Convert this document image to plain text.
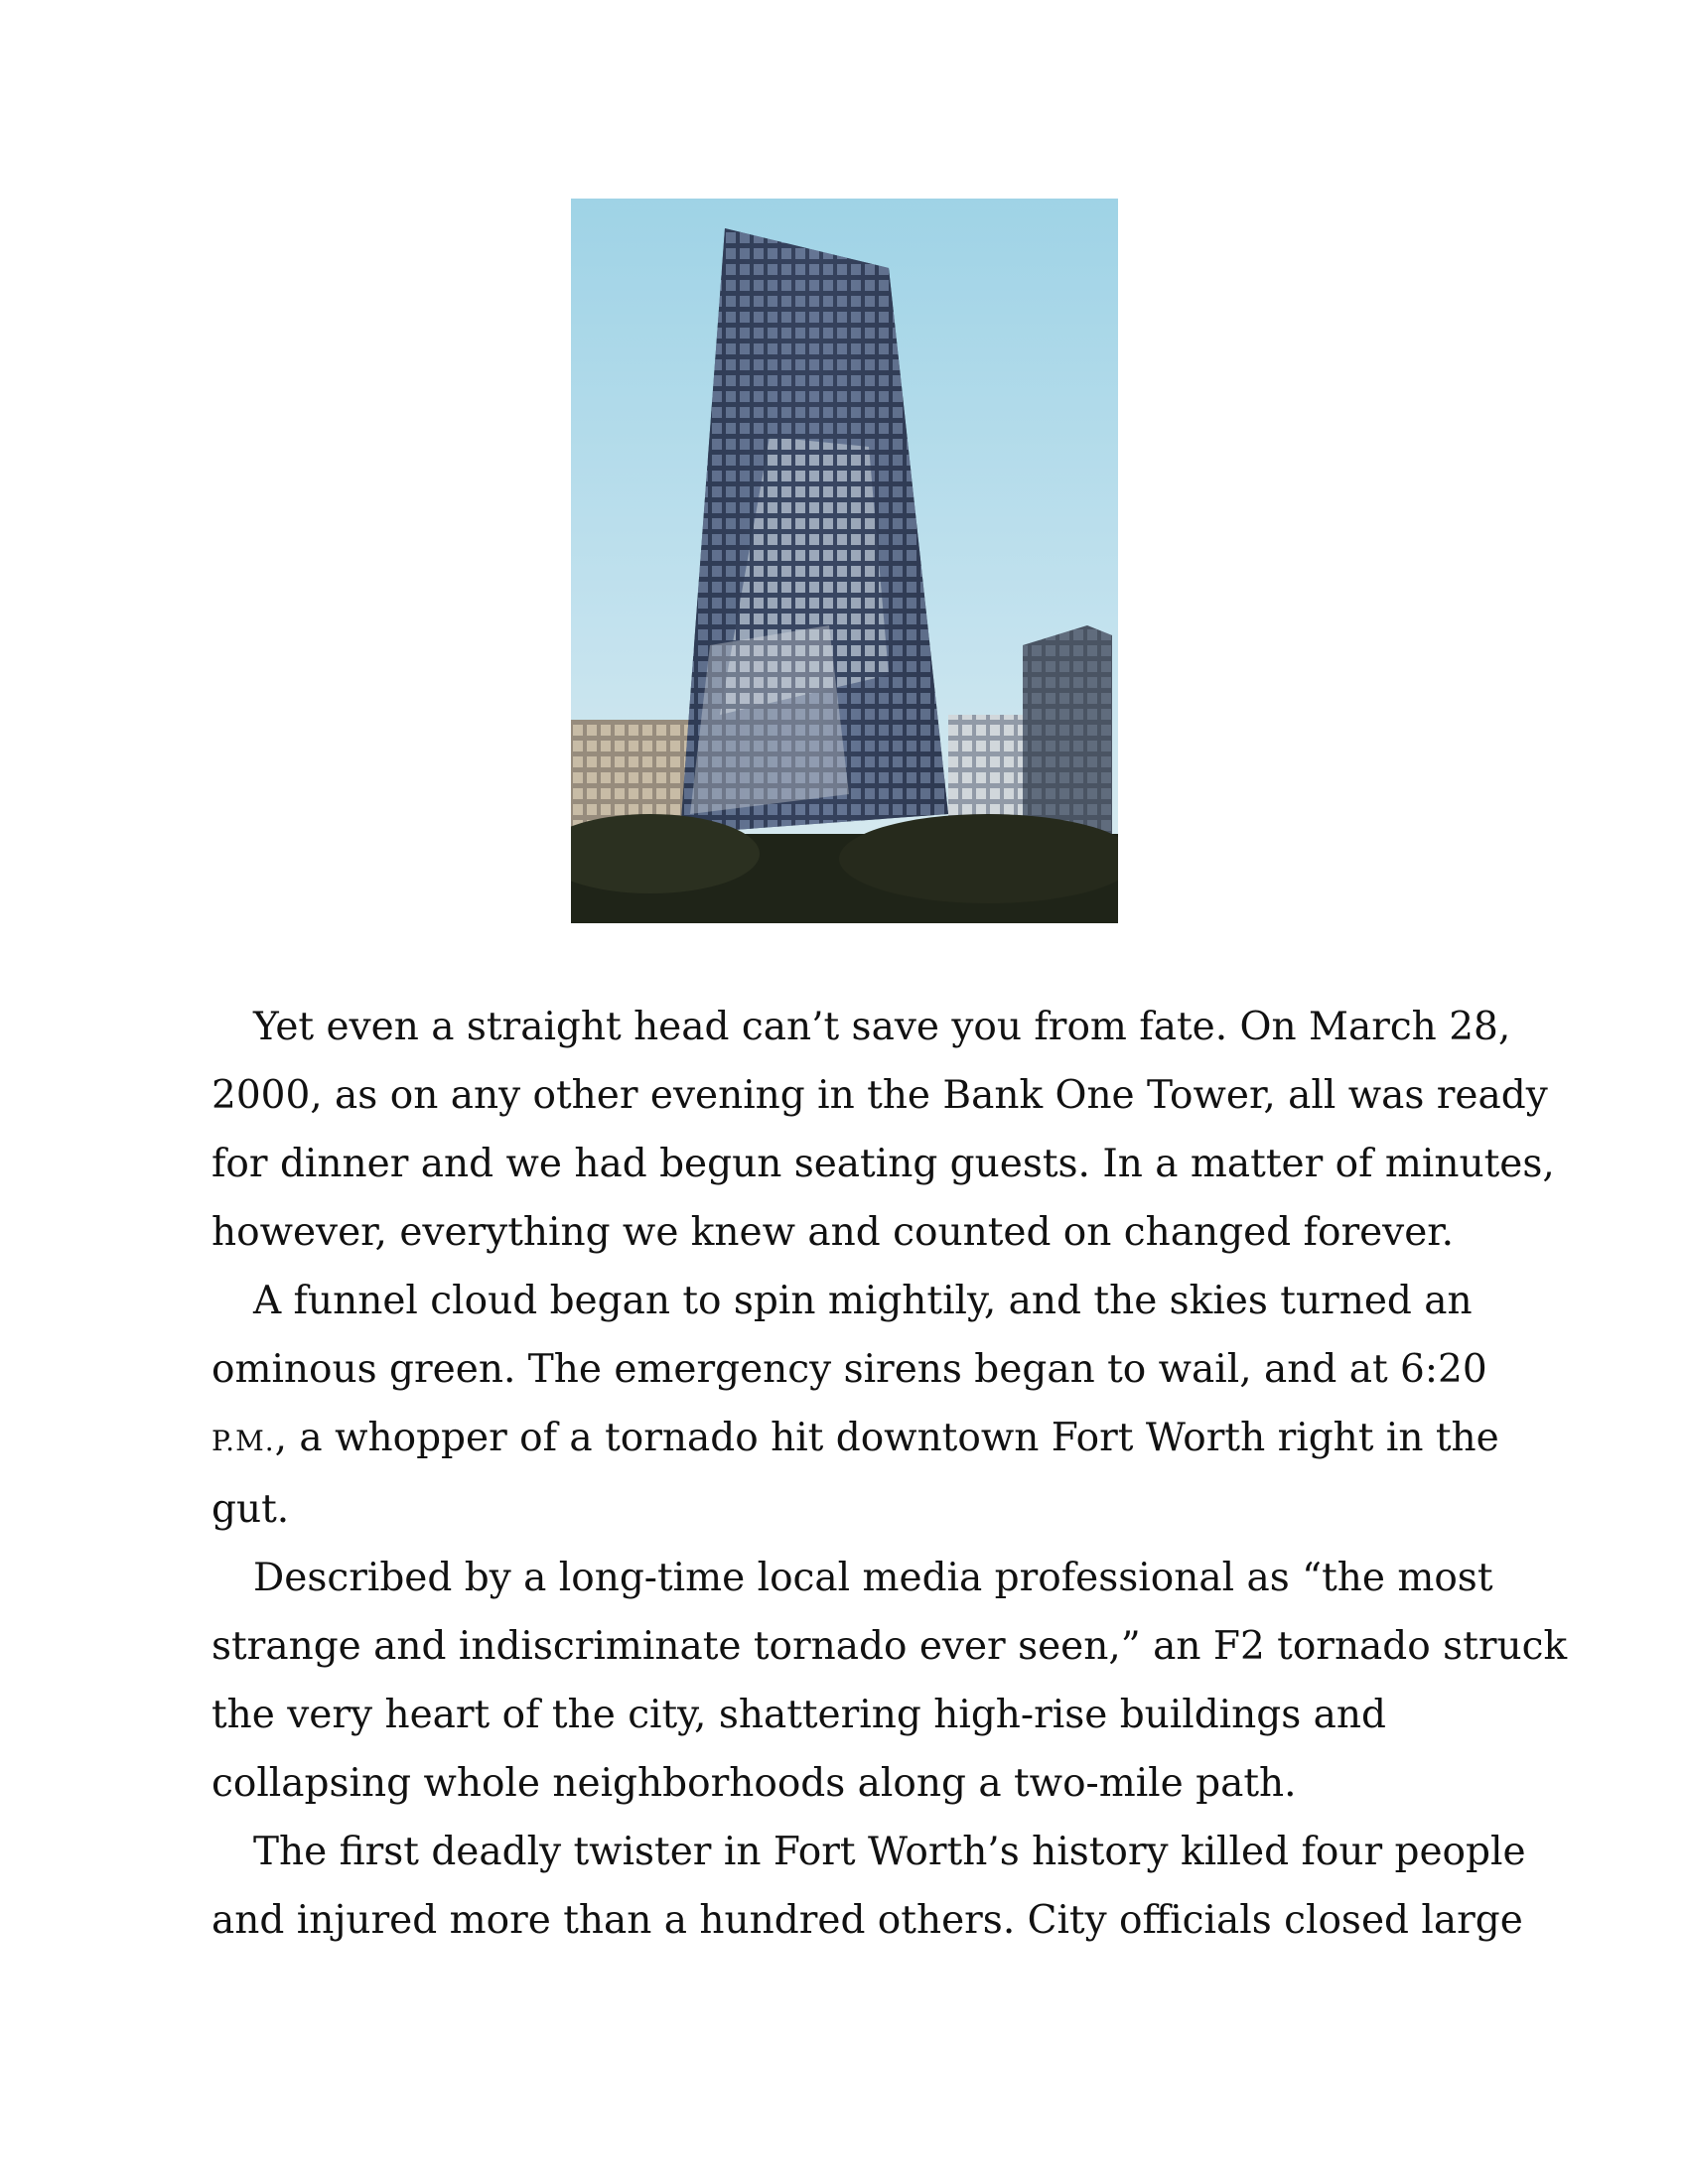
Yet even a straight head can’t save you from fate. On March 28,
2000, as on any other evening in the Bank One Tower, all was ready
for dinner and we had begun seating guests. In a matter of minutes,
however, everything we knew and counted on changed forever.
A funnel cloud began to spin mightily, and the skies turned an
ominous green. The emergency sirens began to wail, and at 6:20
P.M., a whopper of a tornado hit downtown Fort Worth right in the
gut.
Described by a long-time local media professional as “the most
strange and indiscriminate tornado ever seen,” an F2 tornado struck
the very heart of the city, shattering high-rise buildings and
collapsing whole neighborhoods along a two-mile path.
The first deadly twister in Fort Worth’s history killed four people
and injured more than a hundred others. City officials closed large
